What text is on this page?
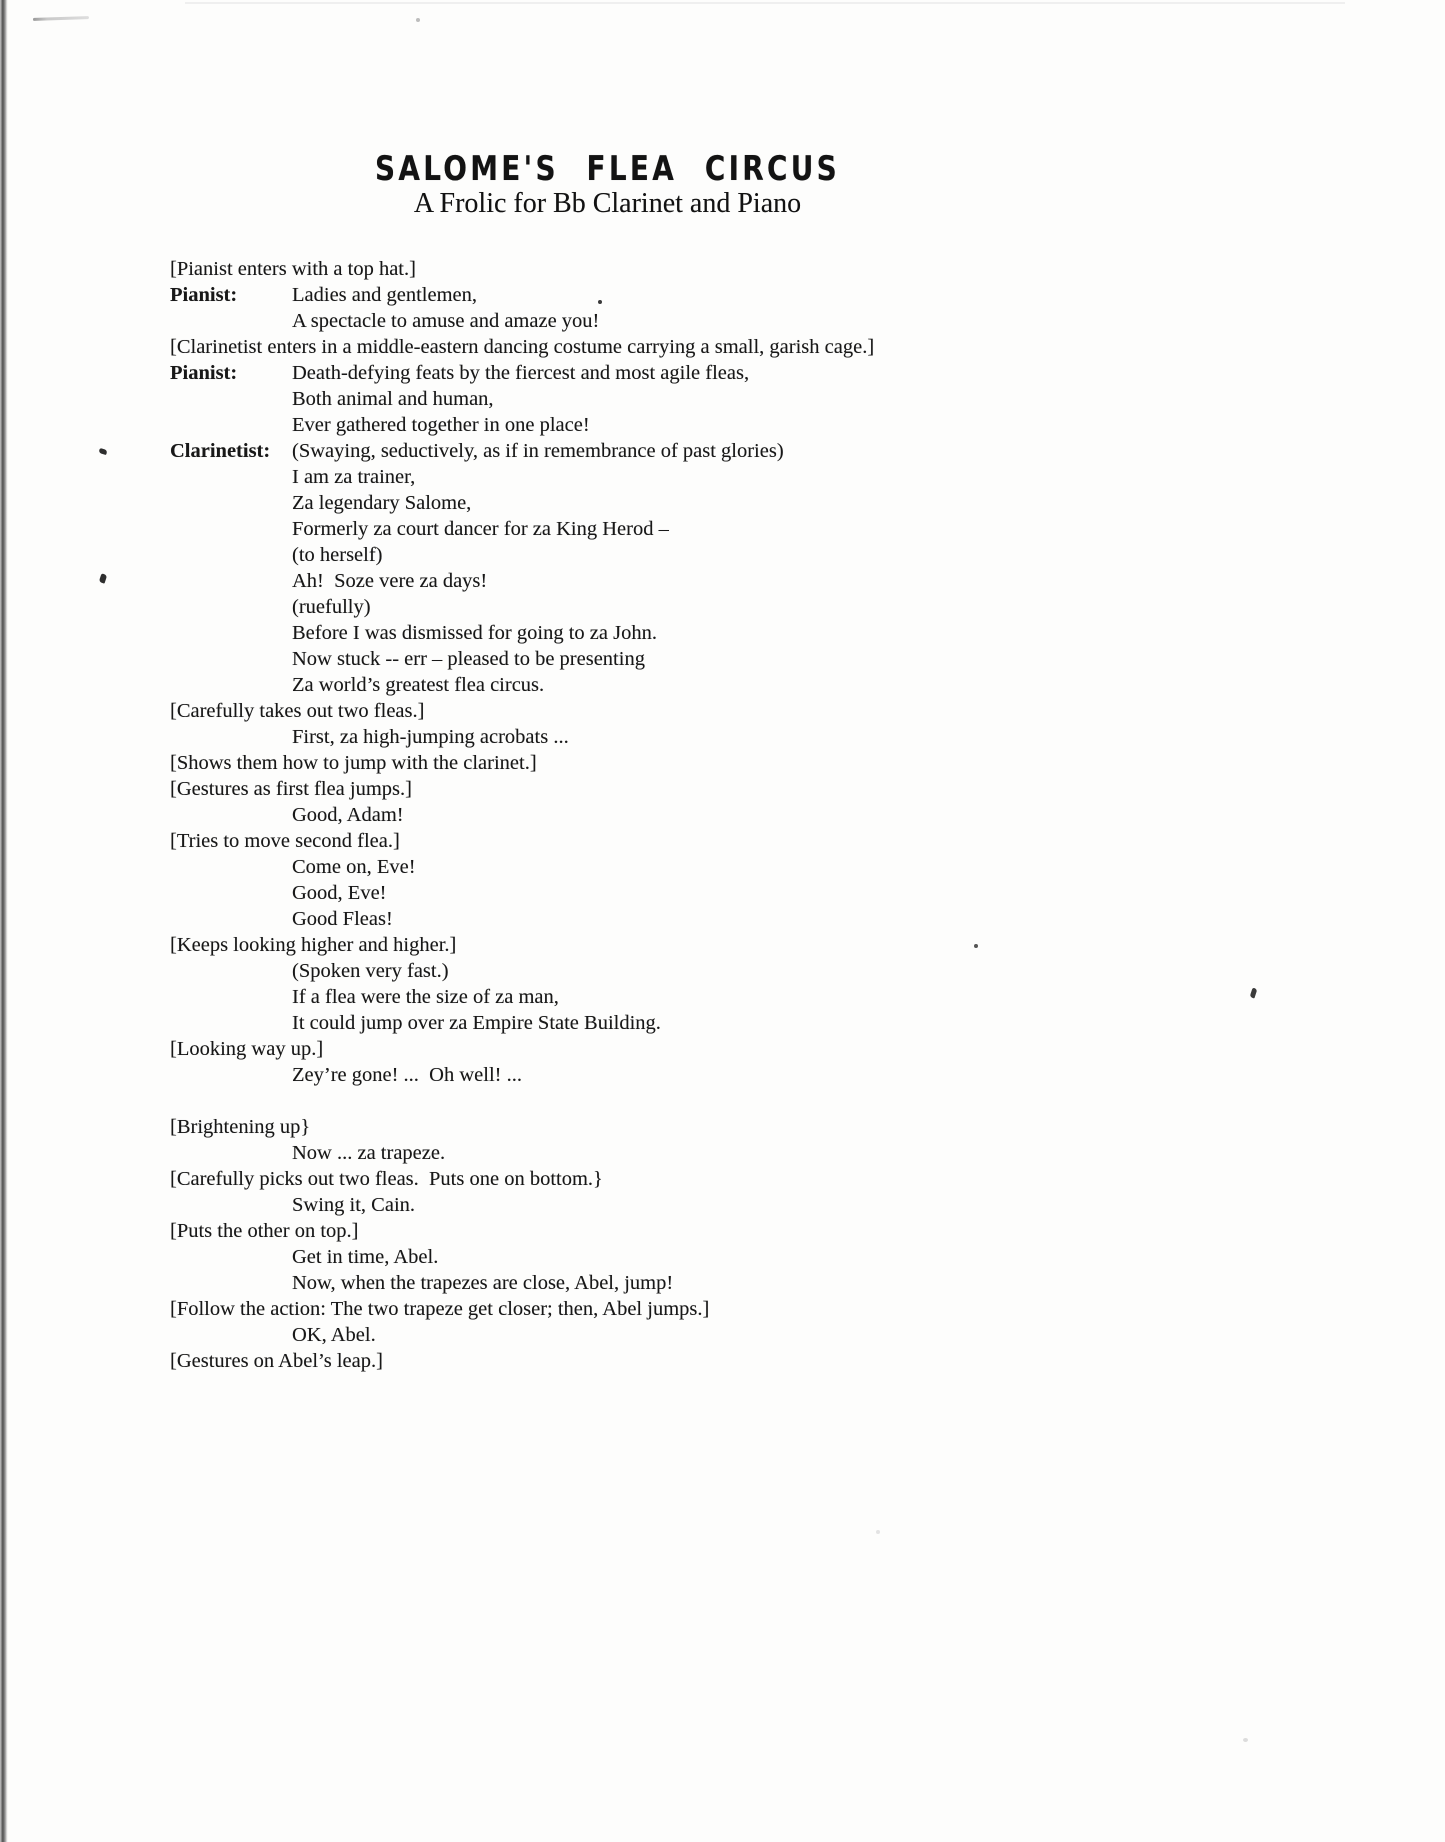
SALOME'S FLEA CIRCUS
A Frolic for Bb Clarinet and Piano
[Pianist enters with a top hat.]
Pianist:	Ladies and gentlemen,
A spectacle to amuse and amaze you!
[Clarinetist enters in a middle-eastern dancing costume carrying a small, garish cage.]
Pianist:	Death-defying feats by the fiercest and most agile fleas,
Both animal and human,
Ever gathered together in one place!
Clarinetist: (Swaying, seductively, as if in remembrance of past glories)
I am za trainer,
Za legendary Salome,
Formerly za court dancer for za King Herod –
(to herself)
Ah!  Soze vere za days!
(ruefully)
Before I was dismissed for going to za John.
Now stuck -- err – pleased to be presenting
Za world’s greatest flea circus.
[Carefully takes out two fleas.]
First, za high-jumping acrobats ...
[Shows them how to jump with the clarinet.]
[Gestures as first flea jumps.]
Good, Adam!
[Tries to move second flea.]
Come on, Eve!
Good, Eve!
Good Fleas!
[Keeps looking higher and higher.]
(Spoken very fast.)
If a flea were the size of za man,
It could jump over za Empire State Building.
[Looking way up.]
Zey’re gone! ...  Oh well! ...
[Brightening up}
Now ... za trapeze.
[Carefully picks out two fleas.  Puts one on bottom.}
Swing it, Cain.
[Puts the other on top.]
Get in time, Abel.
Now, when the trapezes are close, Abel, jump!
[Follow the action: The two trapeze get closer; then, Abel jumps.]
OK, Abel.
[Gestures on Abel’s leap.]
